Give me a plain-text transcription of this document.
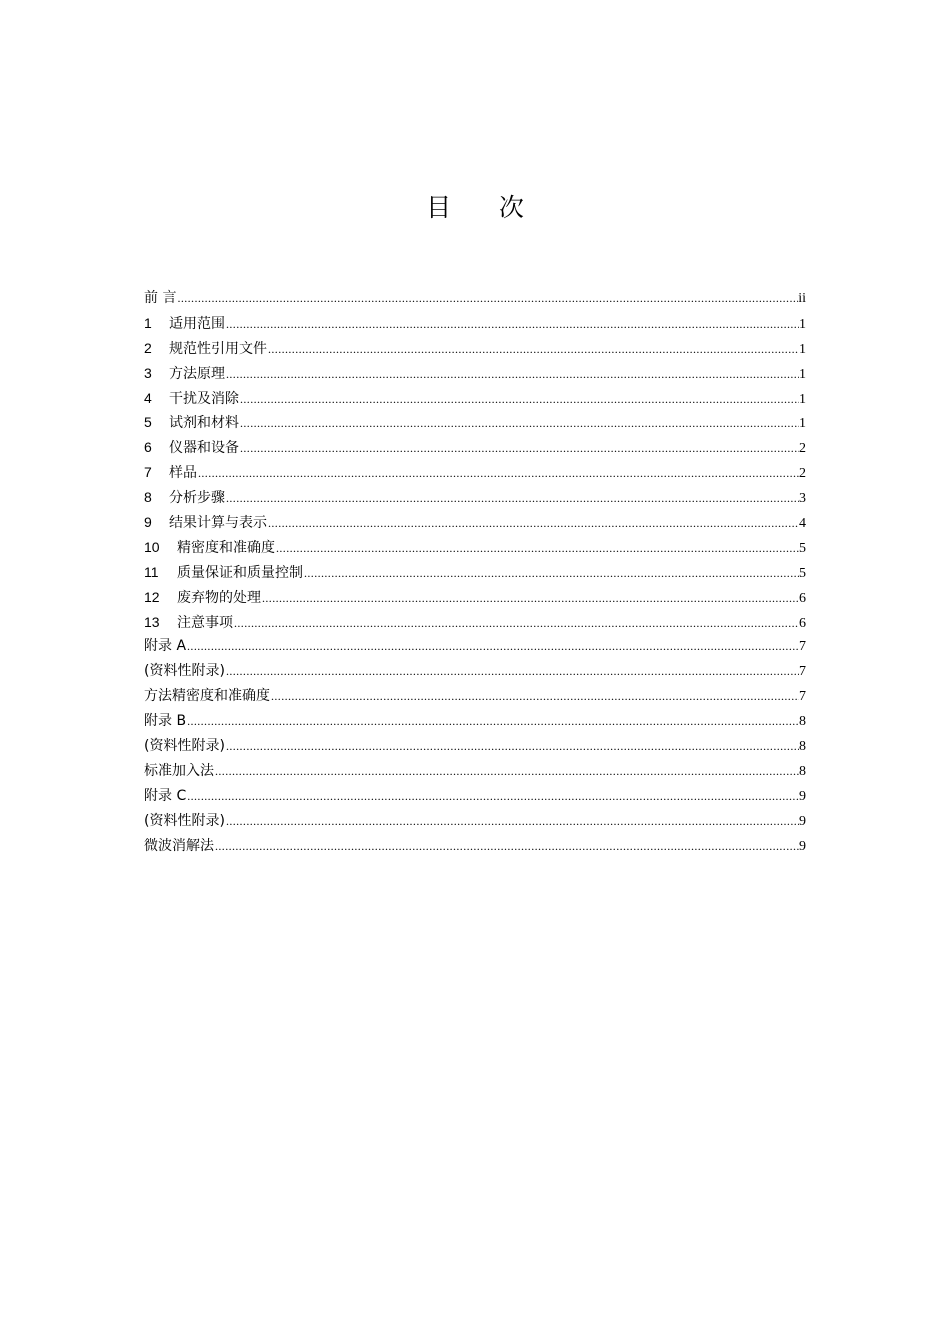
目      次
前 言 .....	ii
1	适用范围 .....	1
2	规范性引用文件 .....	1
3	方法原理 .....	1
4	干扰及消除 .....	1
5	试剂和材料 .....	1
6	仪器和设备 .....	2
7	样品 .....	2
8	分析步骤 .....	3
9	结果计算与表示 .....	4
10	精密度和准确度 .....	5
11	质量保证和质量控制 .....	5
12	废弃物的处理 .....	6
13	注意事项 .....	6
附录 A .....	7
(资料性附录) .....	7
方法精密度和准确度 .....	7
附录 B .....	8
(资料性附录) .....	8
标准加入法 .....	8
附录 C .....	9
(资料性附录) .....	9
微波消解法 .....	9
